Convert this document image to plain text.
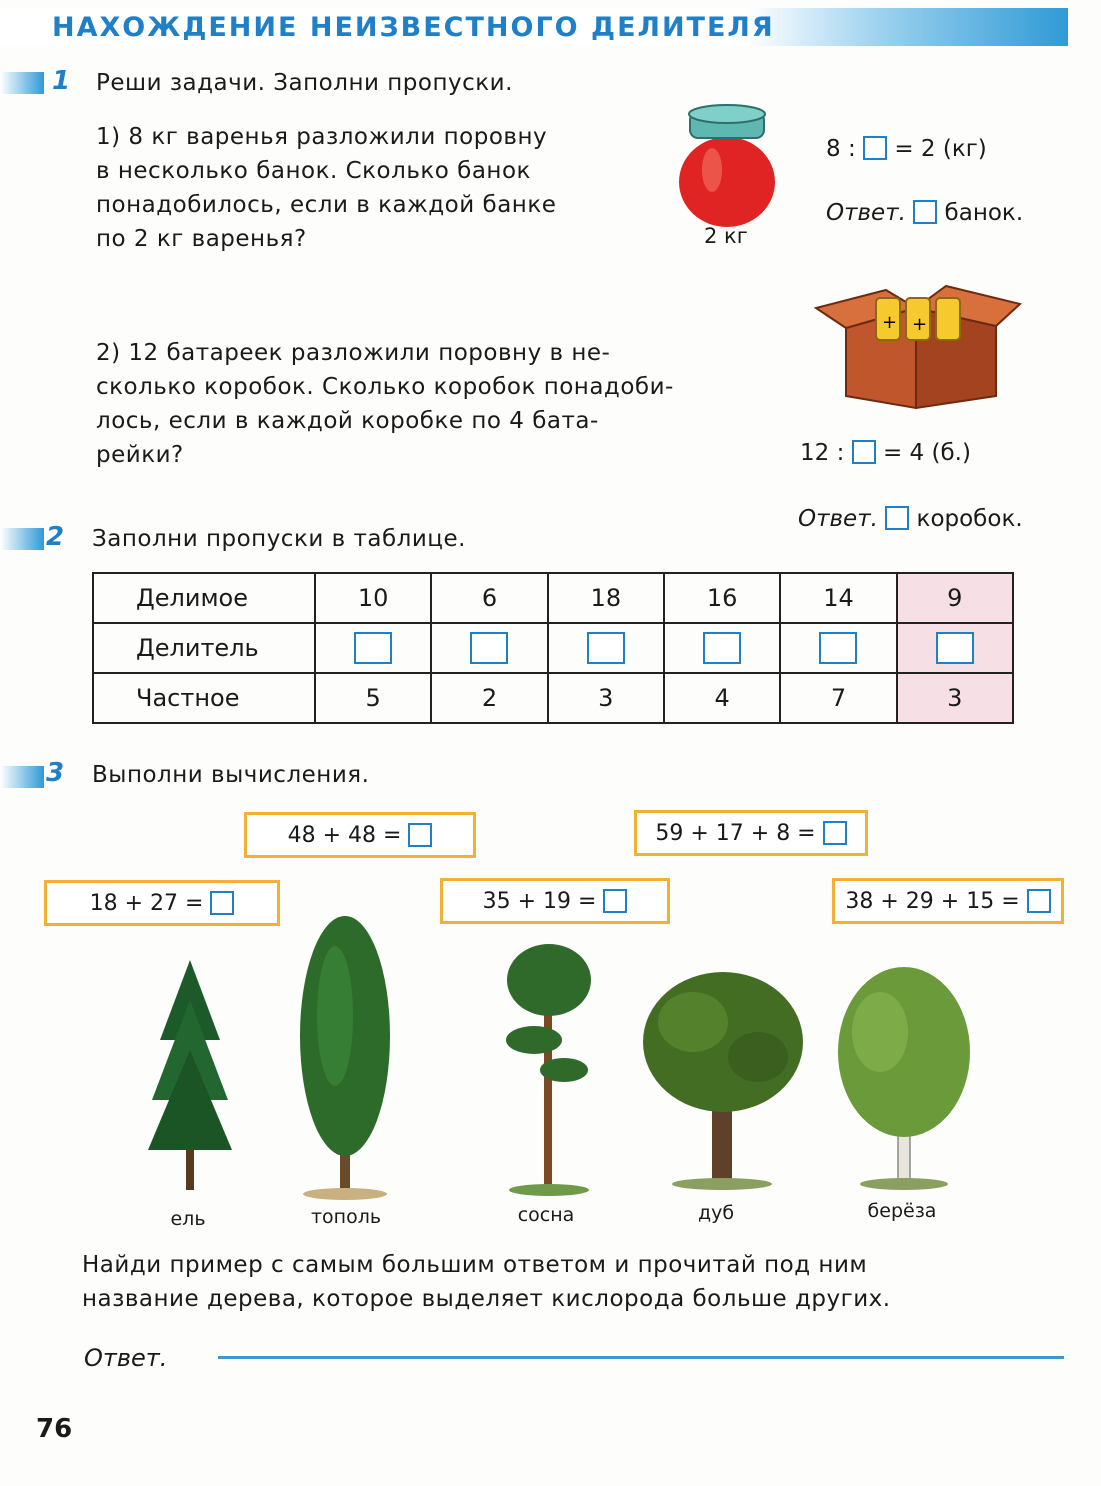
НАХОЖДЕНИЕ НЕИЗВЕСТНОГО ДЕЛИТЕЛЯ
1 Реши задачи. Заполни пропуски.
1) 8 кг варенья разложили поровну
в несколько банок. Сколько банок
понадобилось, если в каждой банке
по 2 кг варенья?	2 кг
8 : = 2 (кг)
Ответ. банок.
2) 12 батареек разложили поровну в не-
сколько коробок. Сколько коробок понадоби-
лось, если в каждой коробке по 4 бата-
рейки?
+ +
12 : = 4 (б.)
Ответ. коробок.
2 Заполни пропуски в таблице.
Делимое	10	6	18	16	14	9
Делитель						
Частное	5	2	3	4	7	3
3 Выполни вычисления.
48 + 48 =
	59 + 17 + 8 =

18 + 27 =
	35 + 19 =
	38 + 29 + 15 =

ель	тополь	сосна	дуб	берёза
Найди пример с самым большим ответом и прочитай под ним
название дерева, которое выделяет кислорода больше других.
Ответ.
76
